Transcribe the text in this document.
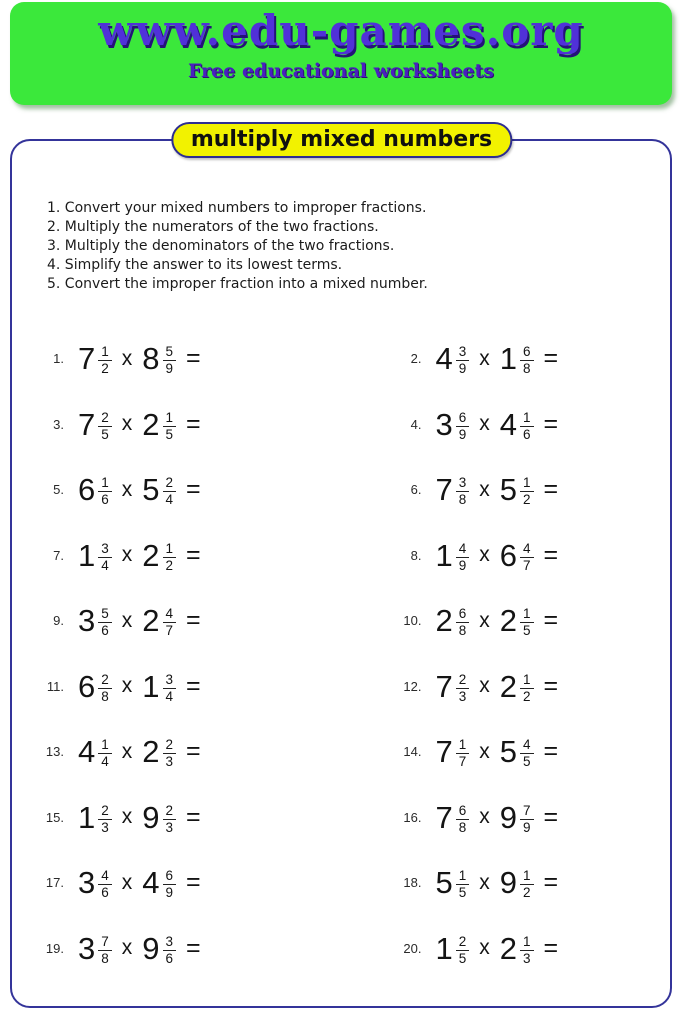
www.edu-games.org
Free educational worksheets
multiply mixed numbers
1. Convert your mixed numbers to improper fractions.
2. Multiply the numerators of the two fractions.
3. Multiply the denominators of the two fractions.
4. Simplify the answer to its lowest terms.
5. Convert the improper fraction into a mixed number.
1. $7 \frac{1}{2}$ x $8 \frac{5}{9}$ =	2. $4 \frac{3}{9}$ x $1 \frac{6}{8}$ =
3. $7 \frac{2}{5}$ x $2 \frac{1}{5}$ =	4. $3 \frac{6}{9}$ x $4 \frac{1}{6}$ =
5. $6 \frac{1}{6}$ x $5 \frac{2}{4}$ =	6. $7 \frac{3}{8}$ x $5 \frac{1}{2}$ =
7. $1 \frac{3}{4}$ x $2 \frac{1}{2}$ =	8. $1 \frac{4}{9}$ x $6 \frac{4}{7}$ =
9. $3 \frac{5}{6}$ x $2 \frac{4}{7}$ =	10. $2 \frac{6}{8}$ x $2 \frac{1}{5}$ =
11. $6 \frac{2}{8}$ x $1 \frac{3}{4}$ =	12. $7 \frac{2}{3}$ x $2 \frac{1}{2}$ =
13. $4 \frac{1}{4}$ x $2 \frac{2}{3}$ =	14. $7 \frac{1}{7}$ x $5 \frac{4}{5}$ =
15. $1 \frac{2}{3}$ x $9 \frac{2}{3}$ =	16. $7 \frac{6}{8}$ x $9 \frac{7}{9}$ =
17. $3 \frac{4}{6}$ x $4 \frac{6}{9}$ =	18. $5 \frac{1}{5}$ x $9 \frac{1}{2}$ =
19. $3 \frac{7}{8}$ x $9 \frac{3}{6}$ =	20. $1 \frac{2}{5}$ x $2 \frac{1}{3}$ =
